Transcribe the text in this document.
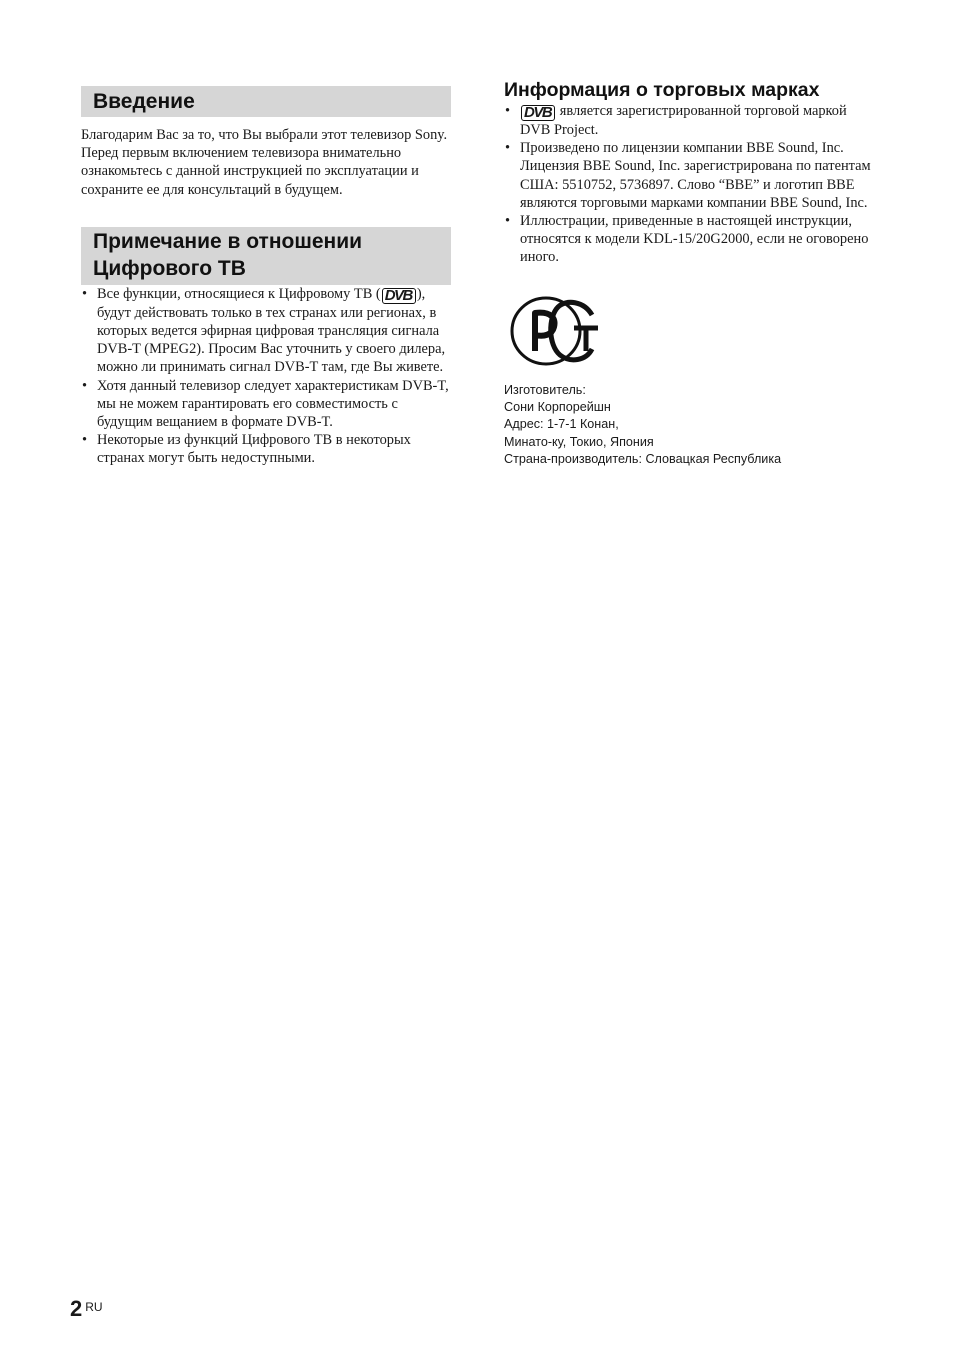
Введение

Благодарим Вас за то, что Вы выбрали этот телевизор Sony.

Перед первым включением телевизора внимательно ознакомьтесь с данной инструкцией по эксплуатации и сохраните ее для консультаций в будущем.

Примечание в отношении
Цифрового ТВ
• Все функции, относящиеся к Цифровому ТВ ( DVB ), будут действовать только в тех странах или регионах, в которых ведется эфирная цифровая трансляция сигнала DVB-T (MPEG2). Просим Вас уточнить у своего дилера, можно ли принимать сигнал DVB-T там, где Вы живете.
• Хотя данный телевизор следует характеристикам DVB-T, мы не можем гарантировать его совместимость с будущим вещанием в формате DVB-T.
• Некоторые из функций Цифрового ТВ в некоторых странах могут быть недоступными.
Информация о торговых марках
• DVB является зарегистрированной торговой маркой DVB Project.
• Произведено по лицензии компании BBE Sound, Inc. Лицензия BBE Sound, Inc. зарегистрирована по патентам США: 5510752, 5736897. Слово “BBE” и логотип BBE являются торговыми марками компании BBE Sound, Inc.
• Иллюстрации, приведенные в настоящей инструкции, относятся к модели KDL-15/20G2000, если не оговорено иного.
Изготовитель:
Сони Корпорейшн
Адрес: 1-7-1 Конан,
Минато-ку, Токио, Япония
Страна-производитель: Словацкая Республика
2 $^{RU}$
